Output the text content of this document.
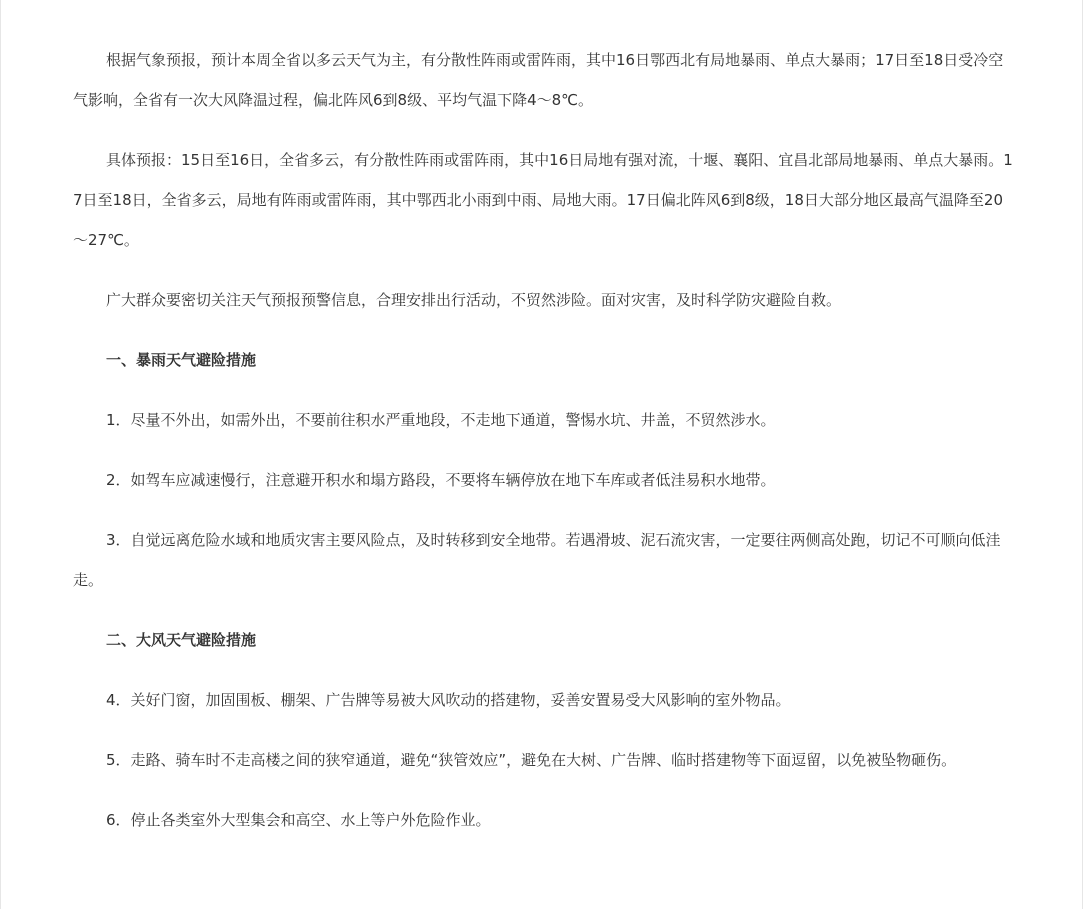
根据气象预报，预计本周全省以多云天气为主，有分散性阵雨或雷阵雨，其中16日鄂西北有局地暴雨、单点大暴雨；17日至18日受冷空气影响，全省有一次大风降温过程，偏北阵风6到8级、平均气温下降4～8℃。

具体预报：15日至16日，全省多云，有分散性阵雨或雷阵雨，其中16日局地有强对流，十堰、襄阳、宜昌北部局地暴雨、单点大暴雨。17日至18日，全省多云，局地有阵雨或雷阵雨，其中鄂西北小雨到中雨、局地大雨。17日偏北阵风6到8级，18日大部分地区最高气温降至20～27℃。

广大群众要密切关注天气预报预警信息，合理安排出行活动，不贸然涉险。面对灾害，及时科学防灾避险自救。

一、暴雨天气避险措施

1．尽量不外出，如需外出，不要前往积水严重地段，不走地下通道，警惕水坑、井盖，不贸然涉水。

2．如驾车应减速慢行，注意避开积水和塌方路段，不要将车辆停放在地下车库或者低洼易积水地带。

3．自觉远离危险水域和地质灾害主要风险点，及时转移到安全地带。若遇滑坡、泥石流灾害，一定要往两侧高处跑，切记不可顺向低洼走。

二、大风天气避险措施

4．关好门窗，加固围板、棚架、广告牌等易被大风吹动的搭建物，妥善安置易受大风影响的室外物品。

5．走路、骑车时不走高楼之间的狭窄通道，避免“狭管效应”，避免在大树、广告牌、临时搭建物等下面逗留，以免被坠物砸伤。

6．停止各类室外大型集会和高空、水上等户外危险作业。
